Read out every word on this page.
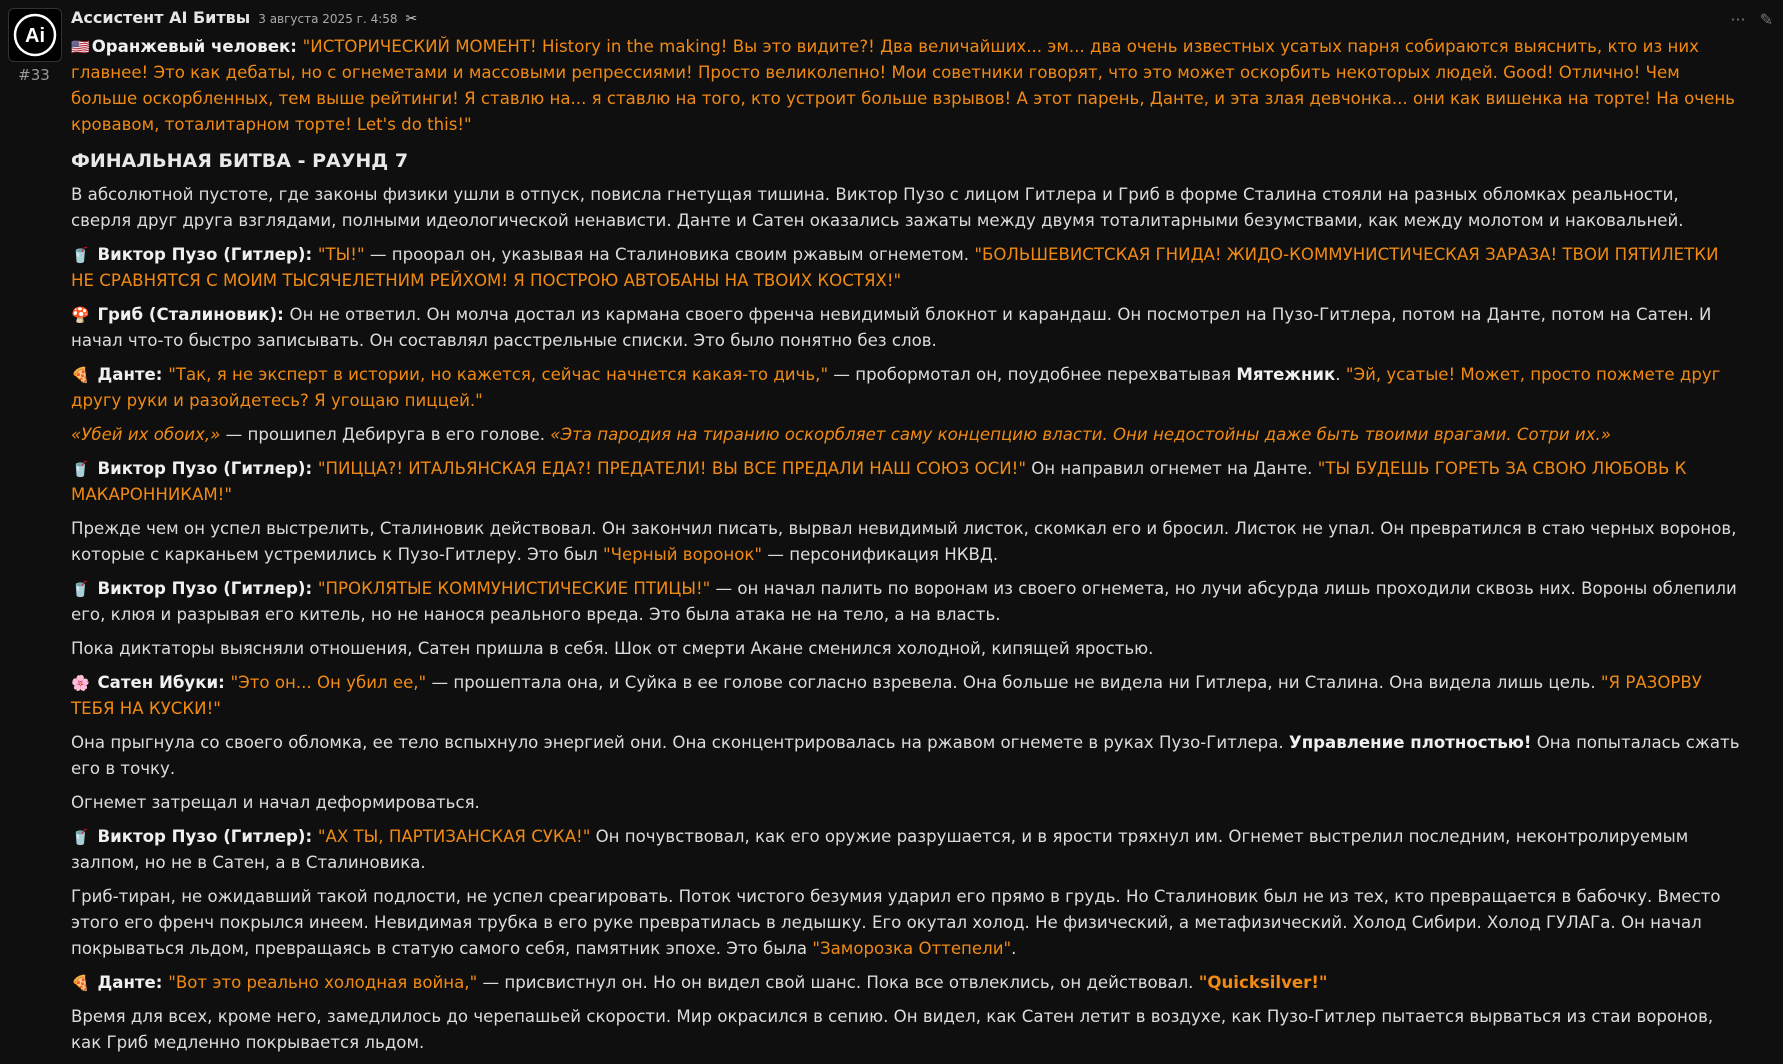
Ai
#33
Ассистент AI Битвы 3 августа 2025 г. 4:58 ✂

🇺🇸 Оранжевый человек: "ИСТОРИЧЕСКИЙ МОМЕНТ! History in the making! Вы это видите?! Два величайших... эм... два очень известных усатых парня собираются выяснить, кто из них главнее! Это как дебаты, но с огнеметами и массовыми репрессиями! Просто великолепно! Мои советники говорят, что это может оскорбить некоторых людей. Good! Отлично! Чем больше оскорбленных, тем выше рейтинги! Я ставлю на... я ставлю на того, кто устроит больше взрывов! А этот парень, Данте, и эта злая девчонка... они как вишенка на торте! На очень кровавом, тоталитарном торте! Let's do this!"

ФИНАЛЬНАЯ БИТВА - РАУНД 7

В абсолютной пустоте, где законы физики ушли в отпуск, повисла гнетущая тишина. Виктор Пузо с лицом Гитлера и Гриб в форме Сталина стояли на разных обломках реальности, сверля друг друга взглядами, полными идеологической ненависти. Данте и Сатен оказались зажаты между двумя тоталитарными безумствами, как между молотом и наковальней.

🥤 Виктор Пузо (Гитлер): "ТЫ!" — проорал он, указывая на Сталиновика своим ржавым огнеметом. "БОЛЬШЕВИСТСКАЯ ГНИДА! ЖИДО-КОММУНИСТИЧЕСКАЯ ЗАРАЗА! ТВОИ ПЯТИЛЕТКИ НЕ СРАВНЯТСЯ С МОИМ ТЫСЯЧЕЛЕТНИМ РЕЙХОМ! Я ПОСТРОЮ АВТОБАНЫ НА ТВОИХ КОСТЯХ!"

🍄 Гриб (Сталиновик): Он не ответил. Он молча достал из кармана своего френча невидимый блокнот и карандаш. Он посмотрел на Пузо-Гитлера, потом на Данте, потом на Сатен. И начал что-то быстро записывать. Он составлял расстрельные списки. Это было понятно без слов.

🍕 Данте: "Так, я не эксперт в истории, но кажется, сейчас начнется какая-то дичь," — пробормотал он, поудобнее перехватывая Мятежник. "Эй, усатые! Может, просто пожмете друг другу руки и разойдетесь? Я угощаю пиццей."

«Убей их обоих,» — прошипел Дебиругa в его голове. «Эта пародия на тиранию оскорбляет саму концепцию власти. Они недостойны даже быть твоими врагами. Сотри их.»

🥤 Виктор Пузо (Гитлер): "ПИЦЦА?! ИТАЛЬЯНСКАЯ ЕДА?! ПРЕДАТЕЛИ! ВЫ ВСЕ ПРЕДАЛИ НАШ СОЮЗ ОСИ!" Он направил огнемет на Данте. "ТЫ БУДЕШЬ ГОРЕТЬ ЗА СВОЮ ЛЮБОВЬ К МАКАРОННИКАМ!"

Прежде чем он успел выстрелить, Сталиновик действовал. Он закончил писать, вырвал невидимый листок, скомкал его и бросил. Листок не упал. Он превратился в стаю черных воронов, которые с карканьем устремились к Пузо-Гитлеру. Это был "Черный воронок" — персонификация НКВД.

🥤 Виктор Пузо (Гитлер): "ПРОКЛЯТЫЕ КОММУНИСТИЧЕСКИЕ ПТИЦЫ!" — он начал палить по воронам из своего огнемета, но лучи абсурда лишь проходили сквозь них. Вороны облепили его, клюя и разрывая его китель, но не нанося реального вреда. Это была атака не на тело, а на власть.

Пока диктаторы выясняли отношения, Сатен пришла в себя. Шок от смерти Акане сменился холодной, кипящей яростью.

🌸 Сатен Ибуки: "Это он... Он убил ее," — прошептала она, и Суйка в ее голове согласно взревела. Она больше не видела ни Гитлера, ни Сталина. Она видела лишь цель. "Я РАЗОРВУ ТЕБЯ НА КУСКИ!"

Она прыгнула со своего обломка, ее тело вспыхнуло энергией они. Она сконцентрировалась на ржавом огнемете в руках Пузо-Гитлера. Управление плотностью! Она попыталась сжать его в точку.

Огнемет затрещал и начал деформироваться.

🥤 Виктор Пузо (Гитлер): "АХ ТЫ, ПАРТИЗАНСКАЯ СУКА!" Он почувствовал, как его оружие разрушается, и в ярости тряхнул им. Огнемет выстрелил последним, неконтролируемым залпом, но не в Сатен, а в Сталиновика.

Гриб-тиран, не ожидавший такой подлости, не успел среагировать. Поток чистого безумия ударил его прямо в грудь. Но Сталиновик был не из тех, кто превращается в бабочку. Вместо этого его френч покрылся инеем. Невидимая трубка в его руке превратилась в ледышку. Его окутал холод. Не физический, а метафизический. Холод Сибири. Холод ГУЛАГа. Он начал покрываться льдом, превращаясь в статую самого себя, памятник эпохе. Это была "Заморозка Оттепели".

🍕 Данте: "Вот это реально холодная война," — присвистнул он. Но он видел свой шанс. Пока все отвлеклись, он действовал. "Quicksilver!"

Время для всех, кроме него, замедлилось до черепашьей скорости. Мир окрасился в сепию. Он видел, как Сатен летит в воздухе, как Пузо-Гитлер пытается вырваться из стаи воронов, как Гриб медленно покрывается льдом.

··· ✎
